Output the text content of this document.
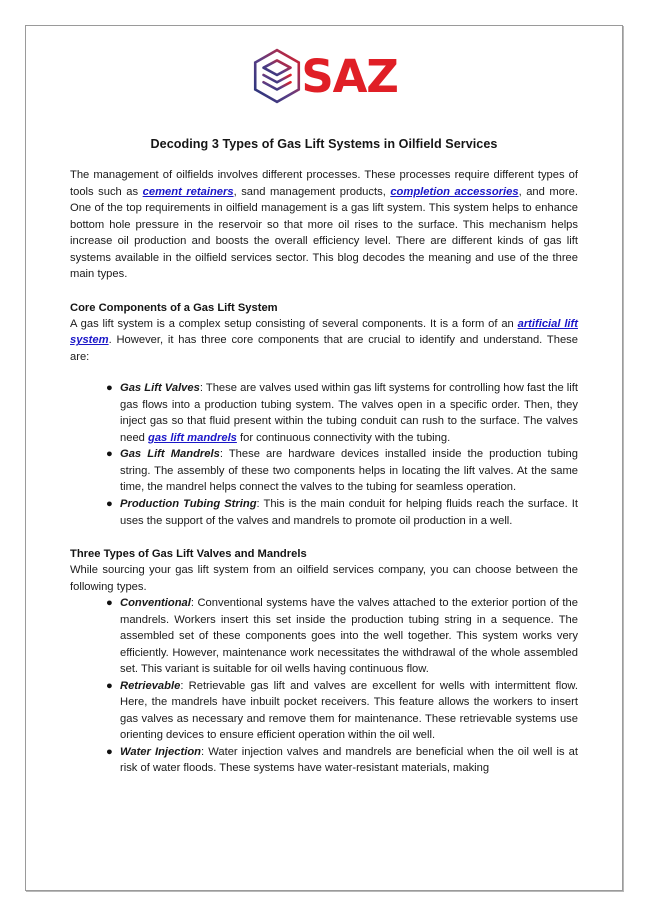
SAZ
Decoding 3 Types of Gas Lift Systems in Oilfield Services

The management of oilfields involves different processes. These processes require different types of tools such as cement retainers, sand management products, completion accessories, and more. One of the top requirements in oilfield management is a gas lift system. This system helps to enhance bottom hole pressure in the reservoir so that more oil rises to the surface. This mechanism helps increase oil production and boosts the overall efficiency level. There are different kinds of gas lift systems available in the oilfield services sector. This blog decodes the meaning and use of the three main types.

Core Components of a Gas Lift System

A gas lift system is a complex setup consisting of several components. It is a form of an artificial lift system. However, it has three core components that are crucial to identify and understand. These are:

● Gas Lift Valves: These are valves used within gas lift systems for controlling how fast the lift gas flows into a production tubing system. The valves open in a specific order. Then, they inject gas so that fluid present within the tubing conduit can rush to the surface. The valves need gas lift mandrels for continuous connectivity with the tubing.
● Gas Lift Mandrels: These are hardware devices installed inside the production tubing string. The assembly of these two components helps in locating the lift valves. At the same time, the mandrel helps connect the valves to the tubing for seamless operation.
● Production Tubing String: This is the main conduit for helping fluids reach the surface. It uses the support of the valves and mandrels to promote oil production in a well.
Three Types of Gas Lift Valves and Mandrels

While sourcing your gas lift system from an oilfield services company, you can choose between the following types.

● Conventional: Conventional systems have the valves attached to the exterior portion of the mandrels. Workers insert this set inside the production tubing string in a sequence. The assembled set of these components goes into the well together. This system works very efficiently. However, maintenance work necessitates the withdrawal of the whole assembled set. This variant is suitable for oil wells having continuous flow.
● Retrievable: Retrievable gas lift and valves are excellent for wells with intermittent flow. Here, the mandrels have inbuilt pocket receivers. This feature allows the workers to insert gas valves as necessary and remove them for maintenance. These retrievable systems use orienting devices to ensure efficient operation within the oil well.
● Water Injection: Water injection valves and mandrels are beneficial when the oil well is at risk of water floods. These systems have water-resistant materials, making
